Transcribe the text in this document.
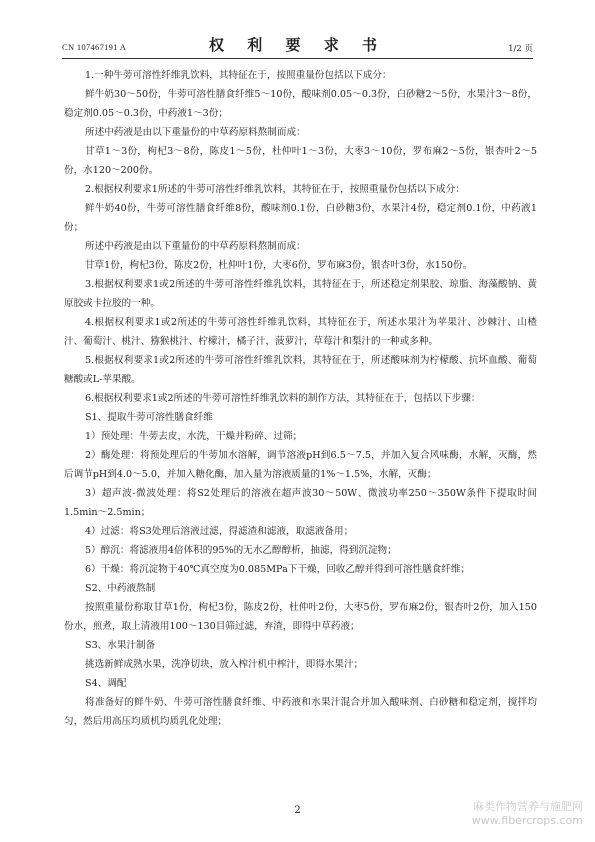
CN 107467191 A	权 利 要 求 书	1/2 页

1.一种牛蒡可溶性纤维乳饮料，其特征在于，按照重量份包括以下成分：

鲜牛奶30～50份，牛蒡可溶性膳食纤维5～10份，酸味剂0.05～0.3份，白砂糖2～5份，水果汁3～8份，稳定剂0.05～0.3份，中药液1～3份；

所述中药液是由以下重量份的中草药原料熬制而成：

甘草1～3份，枸杞3～8份，陈皮1～5份，杜仲叶1～3份，大枣3～10份，罗布麻2～5份，银杏叶2～5份，水120～200份。

2.根据权利要求1所述的牛蒡可溶性纤维乳饮料，其特征在于，按照重量份包括以下成分：

鲜牛奶40份，牛蒡可溶性膳食纤维8份，酸味剂0.1份，白砂糖3份，水果汁4份，稳定剂0.1份，中药液1份；

所述中药液是由以下重量份的中草药原料熬制而成：

甘草1份，枸杞3份，陈皮2份，杜仲叶1份，大枣6份，罗布麻3份，银杏叶3份，水150份。

3.根据权利要求1或2所述的牛蒡可溶性纤维乳饮料，其特征在于，所述稳定剂果胶、琼脂、海藻酸钠、黄原胶或卡拉胶的一种。

4.根据权利要求1或2所述的牛蒡可溶性纤维乳饮料，其特征在于，所述水果汁为苹果汁、沙棘汁、山楂汁、葡萄汁、桃汁、猕猴桃汁、柠檬汁，橘子汁，菠萝汁，草莓汁和梨汁的一种或多种。

5.根据权利要求1或2所述的牛蒡可溶性纤维乳饮料，其特征在于，所述酸味剂为柠檬酸、抗坏血酸、葡萄糖酸或L-苹果酸。

6.根据权利要求1或2所述的牛蒡可溶性纤维乳饮料的制作方法，其特征在于，包括以下步骤：

S1、提取牛蒡可溶性膳食纤维

1）预处理：牛蒡去皮，水洗，干燥并粉碎、过筛；

2）酶处理：将预处理后的牛蒡加水溶解，调节溶液pH到6.5～7.5，并加入复合风味酶，水解，灭酶，然后调节pH到4.0～5.0，并加入糖化酶，加入量为溶液质量的1%～1.5%，水解，灭酶；

3）超声波-微波处理：将S2处理后的溶液在超声波30～50W、微波功率250～350W条件下提取时间1.5min～2.5min；

4）过滤：将S3处理后溶液过滤，得滤渣和滤液，取滤液备用；

5）醇沉：将滤液用4倍体积的95%的无水乙醇醇析，抽滤，得到沉淀物；

6）干燥：将沉淀物于40℃真空度为0.085MPa下干燥，回收乙醇并得到可溶性膳食纤维；

S2、中药液熬制

按照重量份称取甘草1份，枸杞3份，陈皮2份，杜仲叶2份，大枣5份，罗布麻2份，银杏叶2份，加入150份水，煎煮，取上清液用100～130目筛过滤，弃渣，即得中草药液；

S3、水果汁制备

挑选新鲜成熟水果，洗净切块，放入榨汁机中榨汁，即得水果汁；

S4、调配

将准备好的鲜牛奶、牛蒡可溶性膳食纤维、中药液和水果汁混合并加入酸味剂、白砂糖和稳定剂，搅拌均匀，然后用高压均质机均质乳化处理；

2	麻类作物营养与施肥网
www.fibercrops.com
